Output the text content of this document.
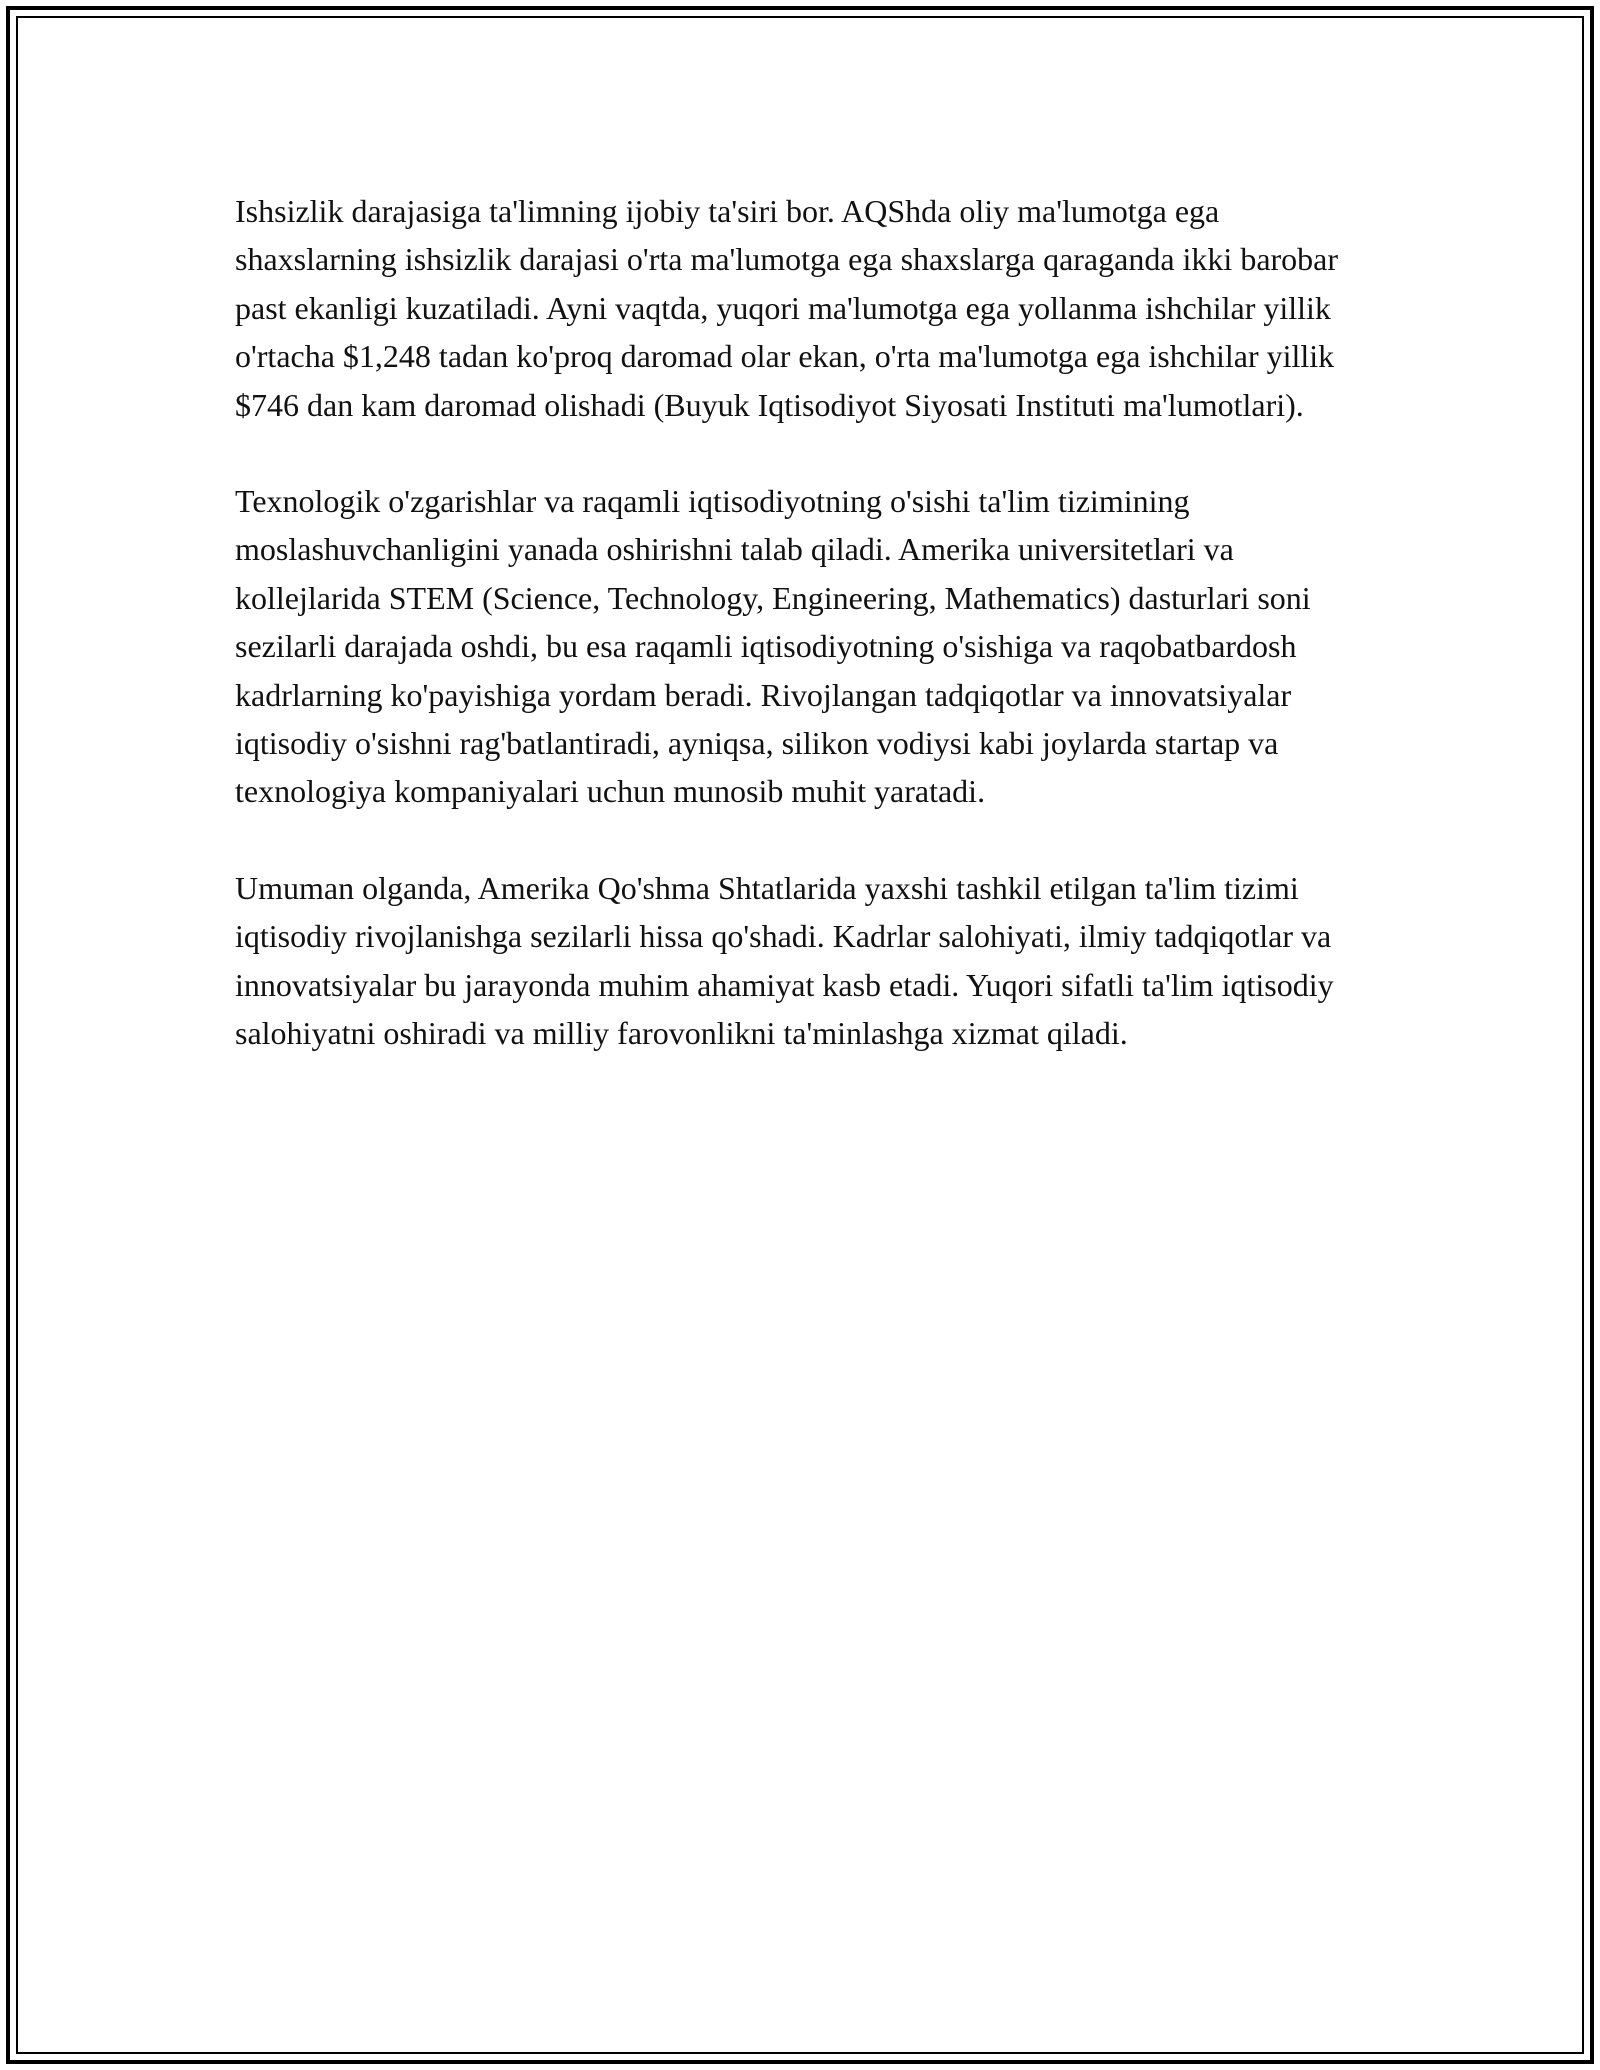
Ishsizlik darajasiga ta'limning ijobiy ta'siri bor. AQShda oliy ma'lumotga ega shaxslarning ishsizlik darajasi o'rta ma'lumotga ega shaxslarga qaraganda ikki barobar past ekanligi kuzatiladi. Ayni vaqtda, yuqori ma'lumotga ega yollanma ishchilar yillik o'rtacha $1,248 tadan ko'proq daromad olar ekan, o'rta ma'lumotga ega ishchilar yillik $746 dan kam daromad olishadi (Buyuk Iqtisodiyot Siyosati Instituti ma'lumotlari).

Texnologik o'zgarishlar va raqamli iqtisodiyotning o'sishi ta'lim tizimining moslashuvchanligini yanada oshirishni talab qiladi. Amerika universitetlari va kollejlarida STEM (Science, Technology, Engineering, Mathematics) dasturlari soni sezilarli darajada oshdi, bu esa raqamli iqtisodiyotning o'sishiga va raqobatbardosh kadrlarning ko'payishiga yordam beradi. Rivojlangan tadqiqotlar va innovatsiyalar iqtisodiy o'sishni rag'batlantiradi, ayniqsa, silikon vodiysi kabi joylarda startap va texnologiya kompaniyalari uchun munosib muhit yaratadi.

Umuman olganda, Amerika Qo'shma Shtatlarida yaxshi tashkil etilgan ta'lim tizimi iqtisodiy rivojlanishga sezilarli hissa qo'shadi. Kadrlar salohiyati, ilmiy tadqiqotlar va innovatsiyalar bu jarayonda muhim ahamiyat kasb etadi. Yuqori sifatli ta'lim iqtisodiy salohiyatni oshiradi va milliy farovonlikni ta'minlashga xizmat qiladi.
